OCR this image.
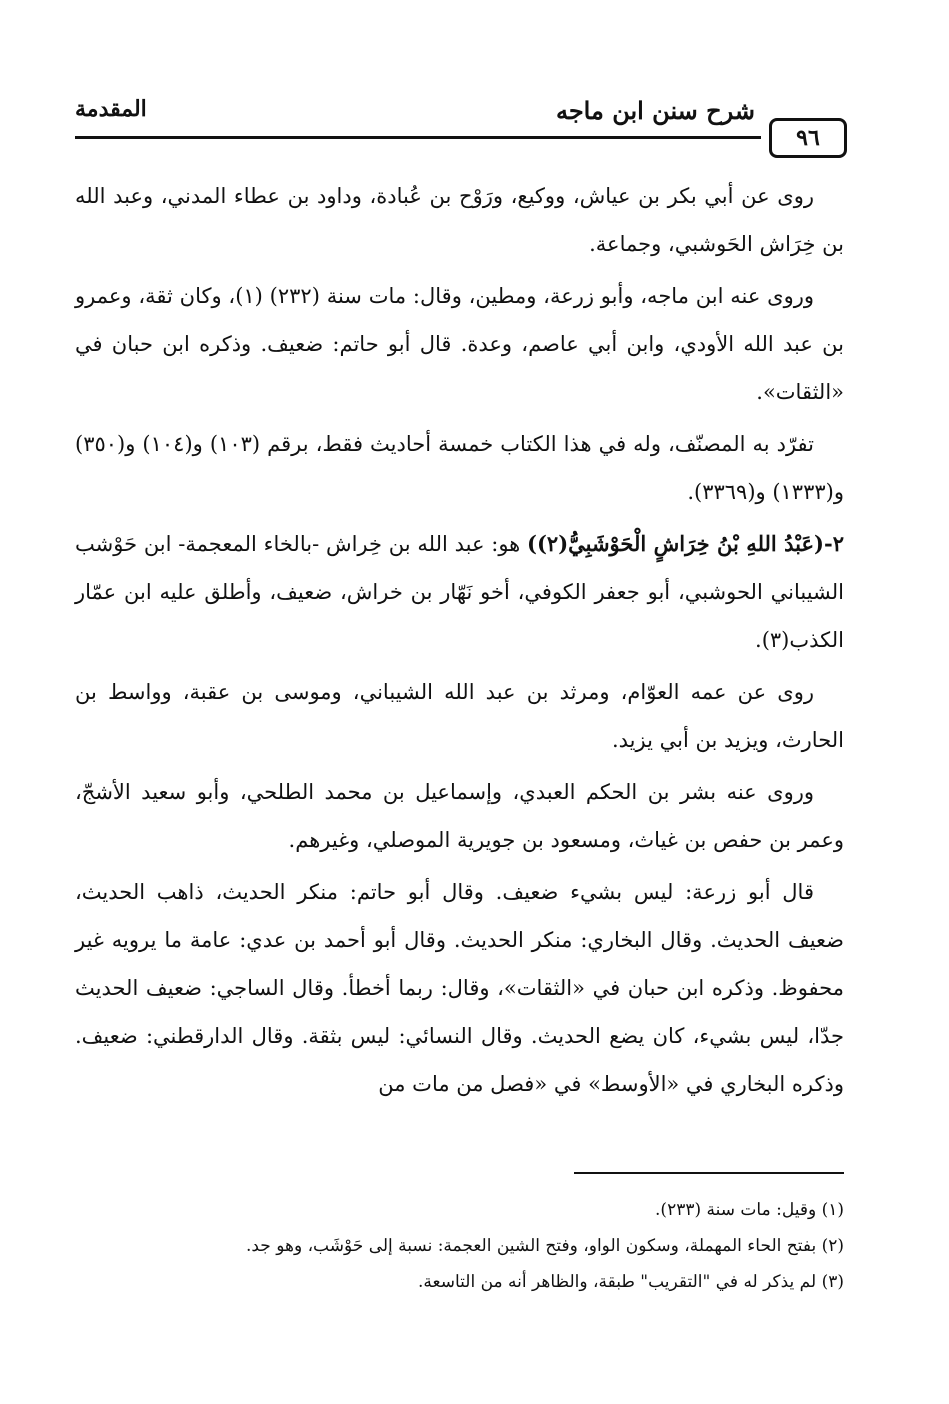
المقدمة	شرح سنن ابن ماجه
٩٦

روى عن أبي بكر بن عياش، ووكيع، ورَوْح بن عُبادة، وداود بن عطاء المدني، وعبد الله بن خِرَاش الحَوشبي، وجماعة.

وروى عنه ابن ماجه، وأبو زرعة، ومطين، وقال: مات سنة (٢٣٢) (١)، وكان ثقة، وعمرو بن عبد الله الأودي، وابن أبي عاصم، وعدة. قال أبو حاتم: ضعيف. وذكره ابن حبان في «الثقات».

تفرّد به المصنّف، وله في هذا الكتاب خمسة أحاديث فقط، برقم (١٠٣) و(١٠٤) و(٣٥٠) و(١٣٣٣) و(٣٣٦٩).

٢-(عَبْدُ اللهِ بْنُ خِرَاشٍ الْحَوْشَبِيُّ(٢)) هو: عبد الله بن خِراش -بالخاء المعجمة- ابن حَوْشب الشيباني الحوشبي، أبو جعفر الكوفي، أخو نَهّار بن خراش، ضعيف، وأطلق عليه ابن عمّار الكذب(٣).

روى عن عمه العوّام، ومرثد بن عبد الله الشيباني، وموسى بن عقبة، وواسط بن الحارث، ويزيد بن أبي يزيد.

وروى عنه بشر بن الحكم العبدي، وإسماعيل بن محمد الطلحي، وأبو سعيد الأشجّ، وعمر بن حفص بن غياث، ومسعود بن جويرية الموصلي، وغيرهم.

قال أبو زرعة: ليس بشيء ضعيف. وقال أبو حاتم: منكر الحديث، ذاهب الحديث، ضعيف الحديث. وقال البخاري: منكر الحديث. وقال أبو أحمد بن عدي: عامة ما يرويه غير محفوظ. وذكره ابن حبان في «الثقات»، وقال: ربما أخطأ. وقال الساجي: ضعيف الحديث جدّا، ليس بشيء، كان يضع الحديث. وقال النسائي: ليس بثقة. وقال الدارقطني: ضعيف. وذكره البخاري في «الأوسط» في «فصل من مات من

(١) وقيل: مات سنة (٢٣٣).

(٢) بفتح الحاء المهملة، وسكون الواو، وفتح الشين العجمة: نسبة إلى حَوْشَب، وهو جد.

(٣) لم يذكر له في "التقريب" طبقة، والظاهر أنه من التاسعة.
